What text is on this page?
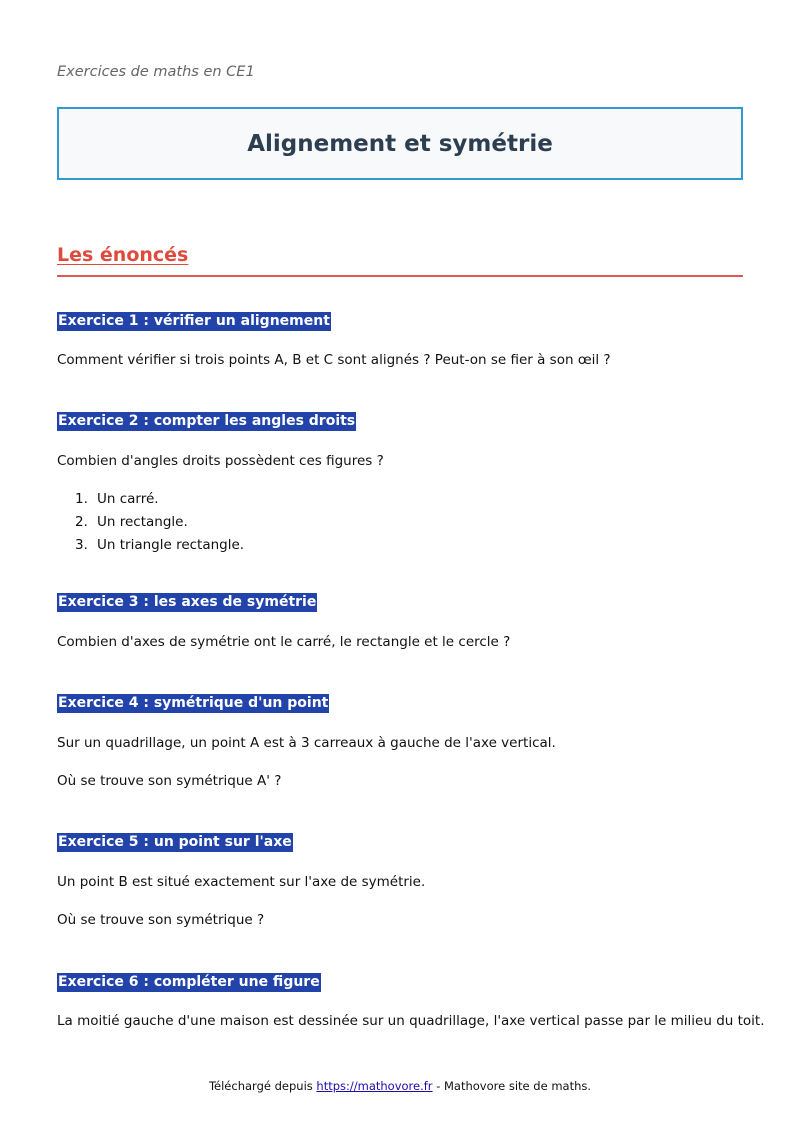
Exercices de maths en CE1
Alignement et symétrie
Les énoncés
Exercice 1 : vérifier un alignement
Comment vérifier si trois points A, B et C sont alignés ? Peut-on se fier à son œil ?
Exercice 2 : compter les angles droits
Combien d'angles droits possèdent ces figures ?
1. Un carré.
2. Un rectangle.
3. Un triangle rectangle.
Exercice 3 : les axes de symétrie
Combien d'axes de symétrie ont le carré, le rectangle et le cercle ?
Exercice 4 : symétrique d'un point
Sur un quadrillage, un point A est à 3 carreaux à gauche de l'axe vertical.
Où se trouve son symétrique A' ?
Exercice 5 : un point sur l'axe
Un point B est situé exactement sur l'axe de symétrie.
Où se trouve son symétrique ?
Exercice 6 : compléter une figure
La moitié gauche d'une maison est dessinée sur un quadrillage, l'axe vertical passe par le milieu du toit.
Téléchargé depuis https://mathovore.fr - Mathovore site de maths.
